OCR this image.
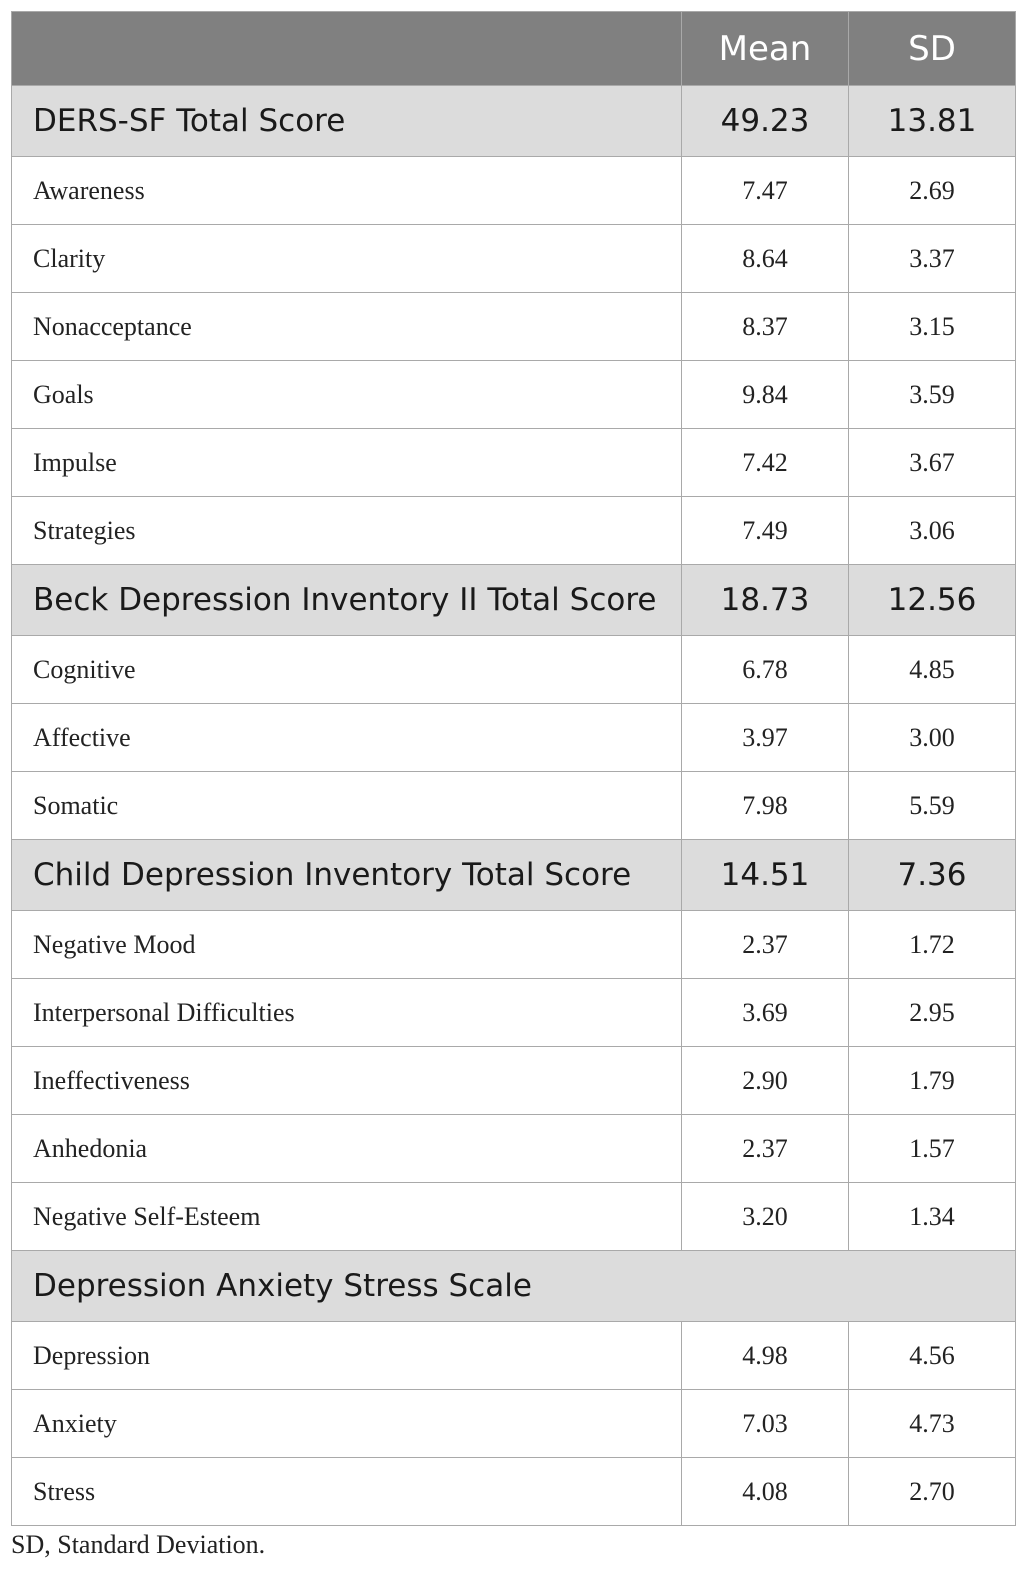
	Mean	SD
DERS-SF Total Score	49.23	13.81
Awareness	7.47	2.69
Clarity	8.64	3.37
Nonacceptance	8.37	3.15
Goals	9.84	3.59
Impulse	7.42	3.67
Strategies	7.49	3.06
Beck Depression Inventory II Total Score	18.73	12.56
Cognitive	6.78	4.85
Affective	3.97	3.00
Somatic	7.98	5.59
Child Depression Inventory Total Score	14.51	7.36
Negative Mood	2.37	1.72
Interpersonal Difficulties	3.69	2.95
Ineffectiveness	2.90	1.79
Anhedonia	2.37	1.57
Negative Self-Esteem	3.20	1.34
Depression Anxiety Stress Scale		
Depression	4.98	4.56
Anxiety	7.03	4.73
Stress	4.08	2.70
SD, Standard Deviation.
